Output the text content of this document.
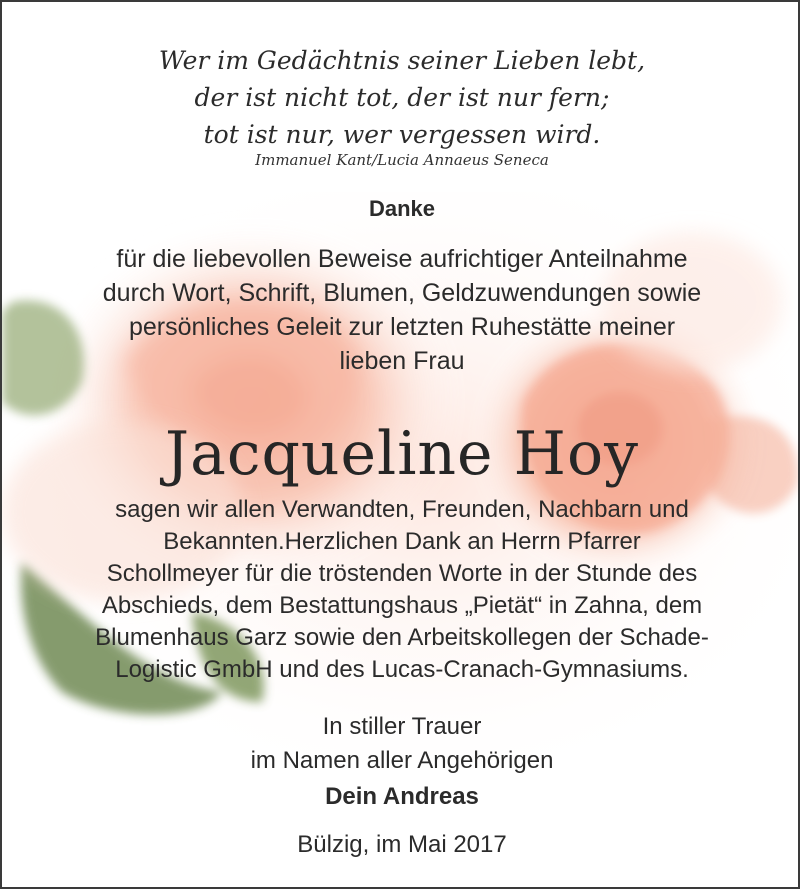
Wer im Gedächtnis seiner Lieben lebt,
der ist nicht tot, der ist nur fern;
tot ist nur, wer vergessen wird.
Immanuel Kant/Lucia Annaeus Seneca
Danke
für die liebevollen Beweise aufrichtiger Anteilnahme
durch Wort, Schrift, Blumen, Geldzuwendungen sowie
persönliches Geleit zur letzten Ruhestätte meiner
lieben Frau
Jacqueline Hoy
sagen wir allen Verwandten, Freunden, Nachbarn und
Bekannten.Herzlichen Dank an Herrn Pfarrer
Schollmeyer für die tröstenden Worte in der Stunde des
Abschieds, dem Bestattungshaus „Pietät“ in Zahna, dem
Blumenhaus Garz sowie den Arbeitskollegen der Schade-
Logistic GmbH und des Lucas-Cranach-Gymnasiums.
In stiller Trauer
im Namen aller Angehörigen
Dein Andreas
Bülzig, im Mai 2017
